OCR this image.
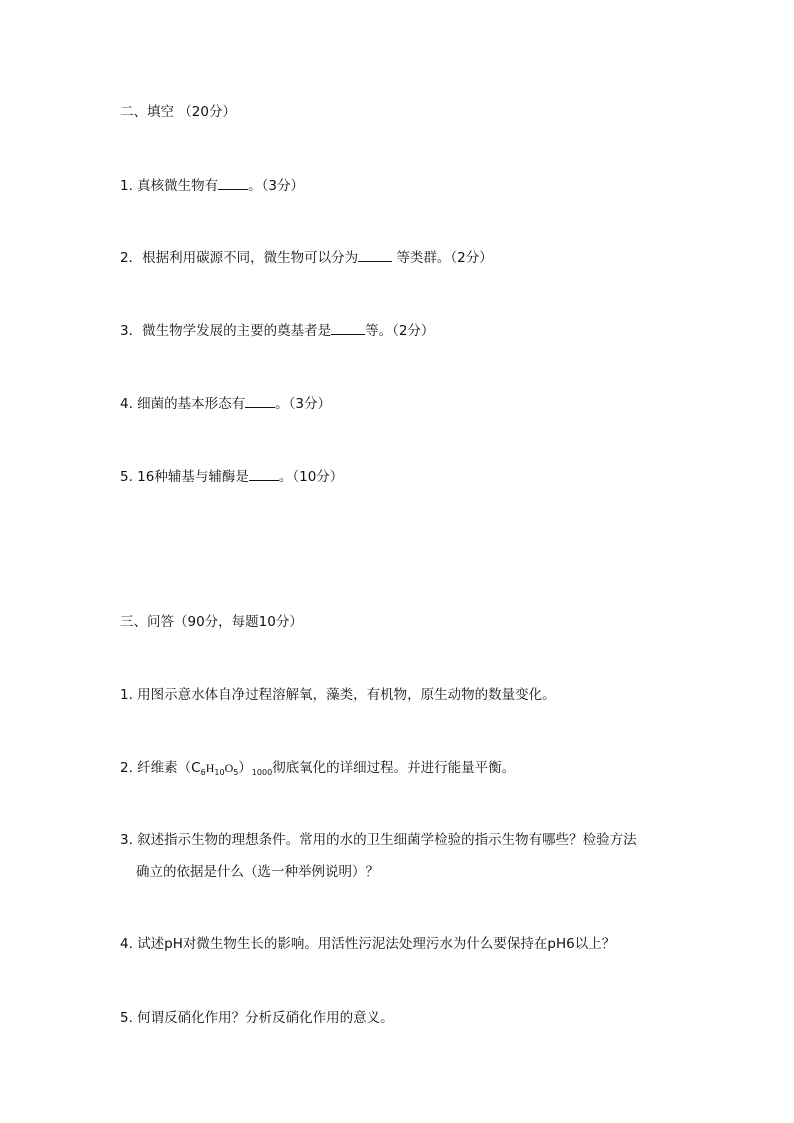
二、填空 （20分）
1. 真核微生物有 。（3分）
2．根据利用碳源不同，微生物可以分为	等类群。（2分）
3．微生物学发展的主要的奠基者是	等。（2分）
4. 细菌的基本形态有 。（3分）
5. 16种辅基与辅酶是 。（10分）
三、问答（90分，每题10分）
1. 用图示意水体自净过程溶解氧，藻类，有机物，原生动物的数量变化。
2. 纤维素$(C_6H_{10}O_5)_{1000}$彻底氧化的详细过程。并进行能量平衡。
3. 叙述指示生物的理想条件。常用的水的卫生细菌学检验的指示生物有哪些？检验方法
确立的依据是什么（选一种举例说明）？
4. 试述pH对微生物生长的影响。用活性污泥法处理污水为什么要保持在pH6以上？
5. 何谓反硝化作用？分析反硝化作用的意义。
